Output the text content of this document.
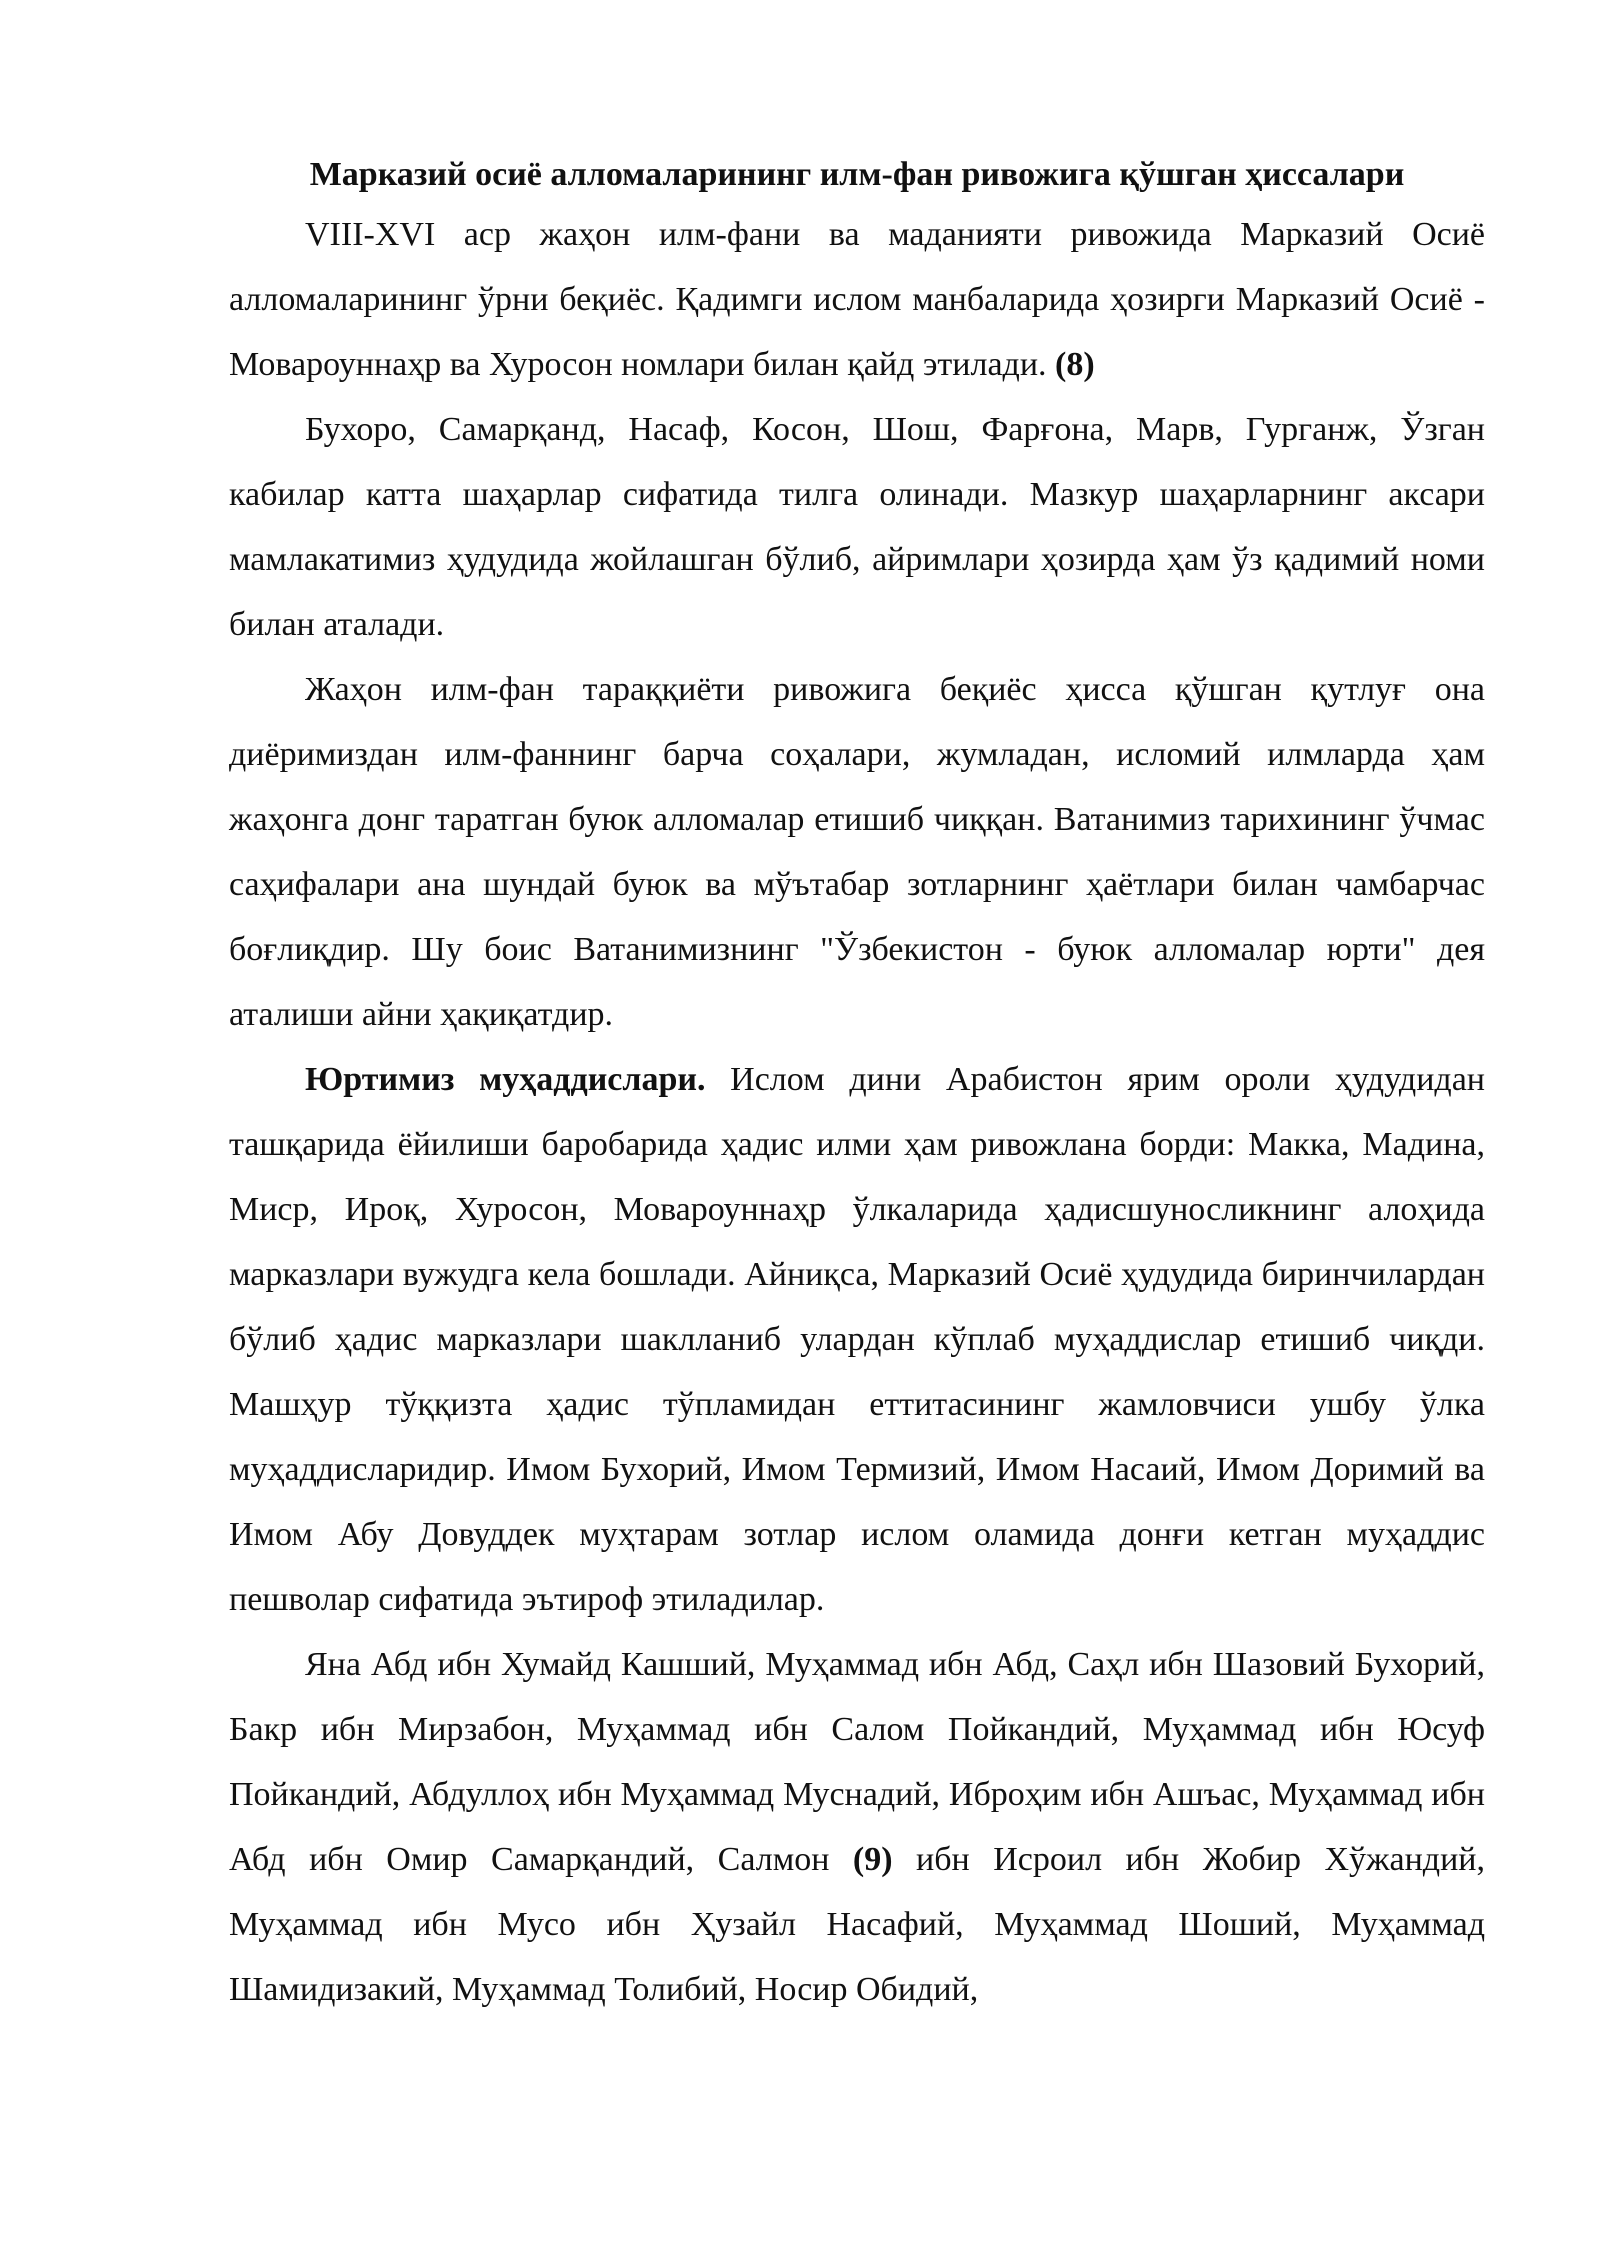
Марказий осиё алломаларининг илм-фан ривожига қўшган ҳиссалари

VIII-XVI аср жаҳон илм-фани ва маданияти ривожида Марказий Осиё алломаларининг ўрни беқиёс. Қадимги ислом манбаларида ҳозирги Марказий Осиё - Мовароуннаҳр ва Хуросон номлари билан қайд этилади. (8)

Бухоро, Самарқанд, Насаф, Косон, Шош, Фарғона, Марв, Гурганж, Ўзган кабилар катта шаҳарлар сифатида тилга олинади. Мазкур шаҳарларнинг аксари мамлакатимиз ҳудудида жойлашган бўлиб, айримлари ҳозирда ҳам ўз қадимий номи билан аталади.

Жаҳон илм-фан тараққиёти ривожига беқиёс ҳисса қўшган қутлуғ она диёримиздан илм-фаннинг барча соҳалари, жумладан, исломий илмларда ҳам жаҳонга донг таратган буюк алломалар етишиб чиққан. Ватанимиз тарихининг ўчмас саҳифалари ана шундай буюк ва мўътабар зотларнинг ҳаётлари билан чамбарчас боғлиқдир. Шу боис Ватанимизнинг "Ўзбекистон - буюк алломалар юрти" дея аталиши айни ҳақиқатдир.

Юртимиз муҳаддислари. Ислом дини Арабистон ярим ороли ҳудудидан ташқарида ёйилиши баробарида ҳадис илми ҳам ривожлана борди: Макка, Мадина, Миср, Ироқ, Хуросон, Мовароуннаҳр ўлкаларида ҳадисшуносликнинг алоҳида марказлари вужудга кела бошлади. Айниқса, Марказий Осиё ҳудудида биринчилардан бўлиб ҳадис марказлари шаклланиб улардан кўплаб муҳаддислар етишиб чиқди. Машҳур тўққизта ҳадис тўпламидан еттитасининг жамловчиси ушбу ўлка муҳаддисларидир. Имом Бухорий, Имом Термизий, Имом Насаий, Имом Доримий ва Имом Абу Довуддек муҳтарам зотлар ислом оламида донғи кетган муҳаддис пешволар сифатида эътироф этиладилар.

Яна Абд ибн Хумайд Кашший, Муҳаммад ибн Абд, Саҳл ибн Шазовий Бухорий, Бакр ибн Мирзабон, Муҳаммад ибн Салом Пойкандий, Муҳаммад ибн Юсуф Пойкандий, Абдуллоҳ ибн Муҳаммад Муснадий, Иброҳим ибн Ашъас, Муҳаммад ибн Абд ибн Омир Самарқандий, Салмон (9) ибн Исроил ибн Жобир Хўжандий, Муҳаммад ибн Мусо ибн Ҳузайл Насафий, Муҳаммад Шоший, Муҳаммад Шамидизакий, Муҳаммад Толибий, Носир Обидий,
